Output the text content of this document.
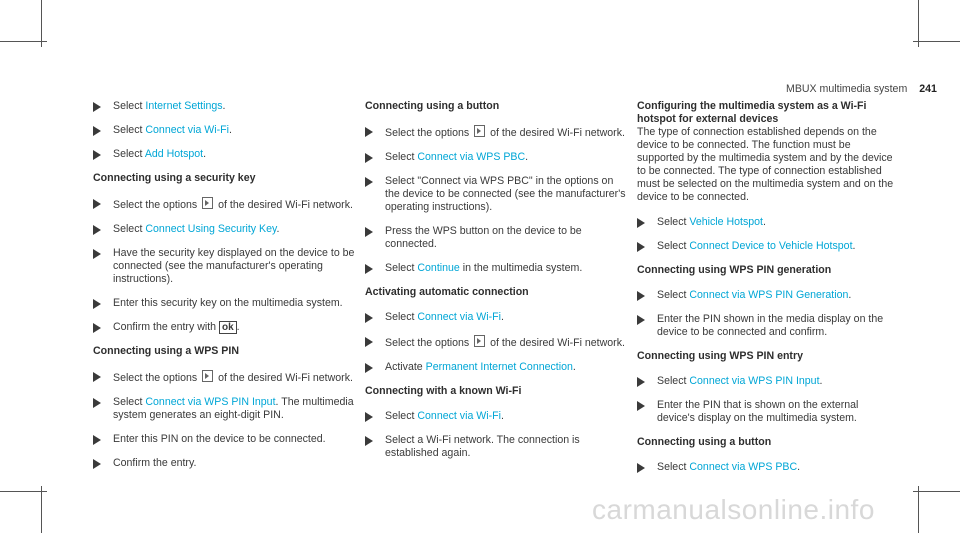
MBUX multimedia system 241
Select Internet Settings.
Select Connect via Wi-Fi.
Select Add Hotspot.
Connecting using a security key
Select the options  of the desired Wi-Fi network.
Select Connect Using Security Key.
Have the security key displayed on the device to be connected (see the manufacturer's operating instructions).
Enter this security key on the multimedia system.
Confirm the entry with ok .
Connecting using a WPS PIN
Select the options  of the desired Wi-Fi network.
Select Connect via WPS PIN Input. The multimedia system generates an eight-digit PIN.
Enter this PIN on the device to be connected.
Confirm the entry.
Connecting using a button
Select the options  of the desired Wi-Fi network.
Select Connect via WPS PBC.
Select "Connect via WPS PBC" in the options on the device to be connected (see the manufacturer's operating instructions).
Press the WPS button on the device to be connected.
Select Continue in the multimedia system.
Activating automatic connection
Select Connect via Wi-Fi.
Select the options  of the desired Wi-Fi network.
Activate Permanent Internet Connection.
Connecting with a known Wi-Fi
Select Connect via Wi-Fi.
Select a Wi-Fi network. The connection is established again.
Configuring the multimedia system as a Wi-Fi hotspot for external devices
The type of connection established depends on the device to be connected. The function must be supported by the multimedia system and by the device to be connected. The type of connection established must be selected on the multimedia system and on the device to be connected.
Select Vehicle Hotspot.
Select Connect Device to Vehicle Hotspot.
Connecting using WPS PIN generation
Select Connect via WPS PIN Generation.
Enter the PIN shown in the media display on the device to be connected and confirm.
Connecting using WPS PIN entry
Select Connect via WPS PIN Input.
Enter the PIN that is shown on the external device's display on the multimedia system.
Connecting using a button
Select Connect via WPS PBC.
carmanualsonline.info
